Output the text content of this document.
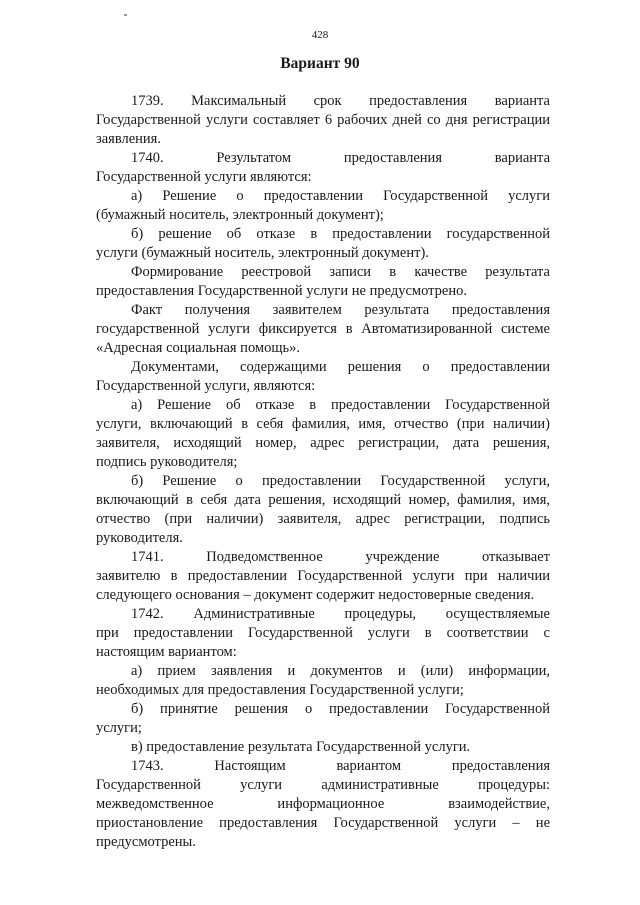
428
Вариант 90
1739. Максимальный срок предоставления варианта
Государственной услуги составляет 6 рабочих дней со дня регистрации
заявления.
1740. Результатом предоставления варианта
Государственной услуги являются:
а) Решение о предоставлении Государственной услуги
(бумажный носитель, электронный документ);
б) решение об отказе в предоставлении государственной
услуги (бумажный носитель, электронный документ).
Формирование реестровой записи в качестве результата
предоставления Государственной услуги не предусмотрено.
Факт получения заявителем результата предоставления
государственной услуги фиксируется в Автоматизированной системе
«Адресная социальная помощь».
Документами, содержащими решения о предоставлении
Государственной услуги, являются:
а) Решение об отказе в предоставлении Государственной
услуги, включающий в себя фамилия, имя, отчество (при наличии)
заявителя, исходящий номер, адрес регистрации, дата решения,
подпись руководителя;
б) Решение о предоставлении Государственной услуги,
включающий в себя дата решения, исходящий номер, фамилия, имя,
отчество (при наличии) заявителя, адрес регистрации, подпись
руководителя.
1741. Подведомственное учреждение отказывает
заявителю в предоставлении Государственной услуги при наличии
следующего основания – документ содержит недостоверные сведения.
1742. Административные процедуры, осуществляемые
при предоставлении Государственной услуги в соответствии с
настоящим вариантом:
а) прием заявления и документов и (или) информации,
необходимых для предоставления Государственной услуги;
б) принятие решения о предоставлении Государственной
услуги;
в) предоставление результата Государственной услуги.
1743. Настоящим вариантом предоставления
Государственной услуги административные процедуры:
межведомственное информационное взаимодействие,
приостановление предоставления Государственной услуги – не
предусмотрены.
